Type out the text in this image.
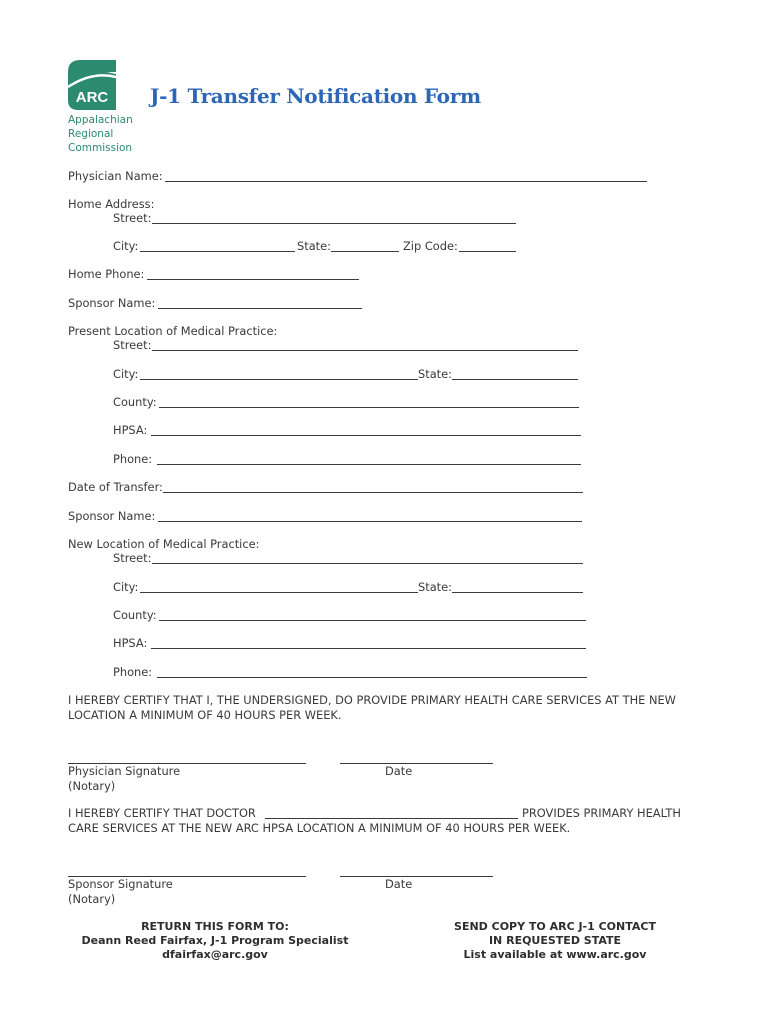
ARC
Appalachian
Regional
Commission
J-1 Transfer Notification Form
Physician Name:
Home Address:
Street:
City:	State:	Zip Code:
Home Phone:
Sponsor Name:
Present Location of Medical Practice:
Street:
City:	State:
County:
HPSA:
Phone:
Date of Transfer:
Sponsor Name:
New Location of Medical Practice:
Street:
City:	State:
County:
HPSA:
Phone:
I HEREBY CERTIFY THAT I, THE UNDERSIGNED, DO PROVIDE PRIMARY HEALTH CARE SERVICES AT THE NEW LOCATION A MINIMUM OF 40 HOURS PER WEEK.
Physician Signature	Date
(Notary)
I HEREBY CERTIFY THAT DOCTOR	PROVIDES PRIMARY HEALTH
CARE SERVICES AT THE NEW ARC HPSA LOCATION A MINIMUM OF 40 HOURS PER WEEK.
Sponsor Signature	Date
(Notary)
RETURN THIS FORM TO:
Deann Reed Fairfax, J-1 Program Specialist
dfairfax@arc.gov
SEND COPY TO ARC J-1 CONTACT
IN REQUESTED STATE
List available at www.arc.gov
